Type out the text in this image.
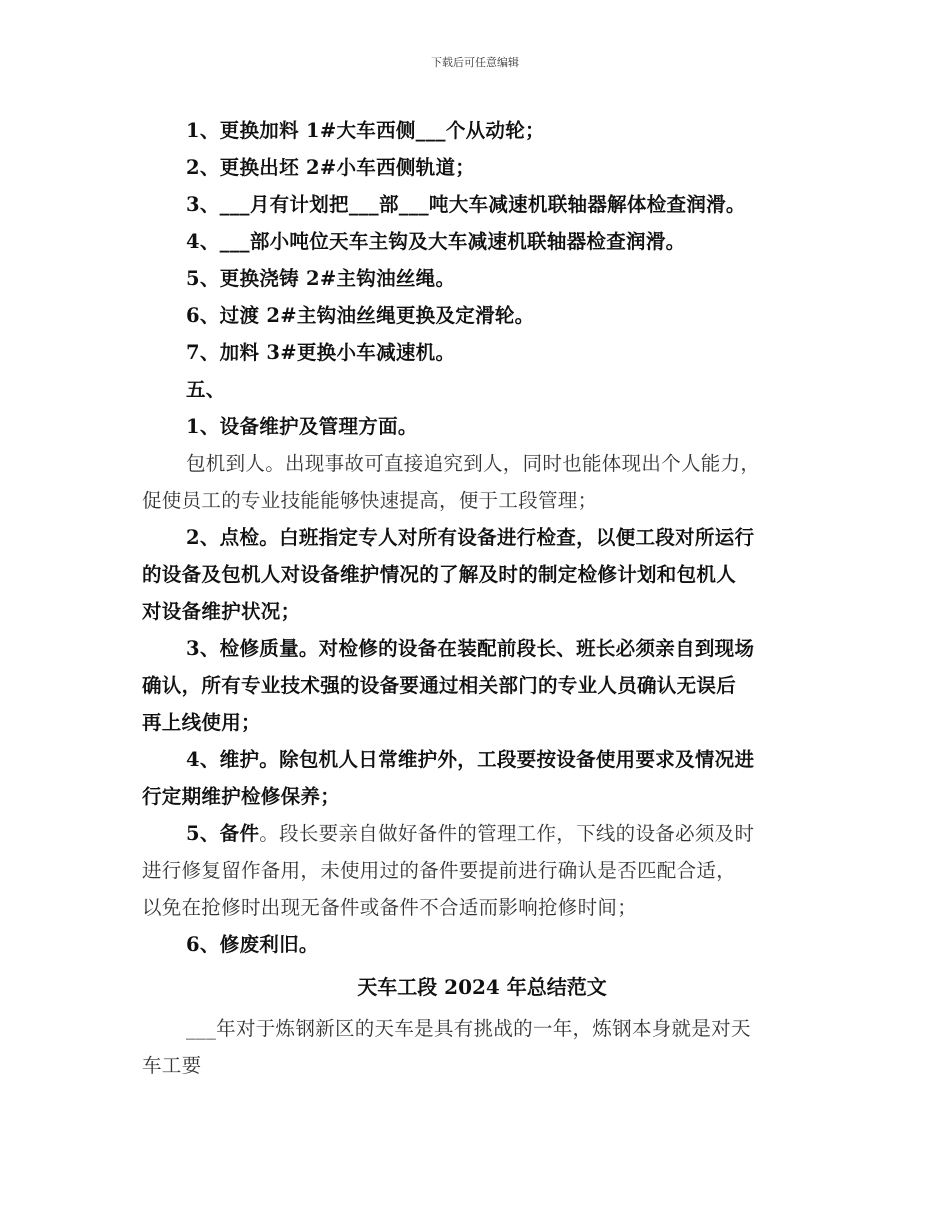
下载后可任意编辑
1、更换加料 1#大车西侧___个从动轮；
2、更换出坯 2#小车西侧轨道；
3、___月有计划把___部___吨大车减速机联轴器解体检查润滑。
4、___部小吨位天车主钩及大车减速机联轴器检查润滑。
5、更换浇铸 2#主钩油丝绳。
6、过渡 2#主钩油丝绳更换及定滑轮。
7、加料 3#更换小车减速机。
五、
1、设备维护及管理方面。
包机到人。出现事故可直接追究到人，同时也能体现出个人能力，
促使员工的专业技能能够快速提高，便于工段管理；
2、点检。白班指定专人对所有设备进行检查，以便工段对所运行
的设备及包机人对设备维护情况的了解及时的制定检修计划和包机人
对设备维护状况；
3、检修质量。对检修的设备在装配前段长、班长必须亲自到现场
确认，所有专业技术强的设备要通过相关部门的专业人员确认无误后
再上线使用；
4、维护。除包机人日常维护外，工段要按设备使用要求及情况进
行定期维护检修保养；
5、备件。段长要亲自做好备件的管理工作，下线的设备必须及时
进行修复留作备用，未使用过的备件要提前进行确认是否匹配合适，
以免在抢修时出现无备件或备件不合适而影响抢修时间；
6、修废利旧。
天车工段 2024 年总结范文
___年对于炼钢新区的天车是具有挑战的一年，炼钢本身就是对天
车工要
